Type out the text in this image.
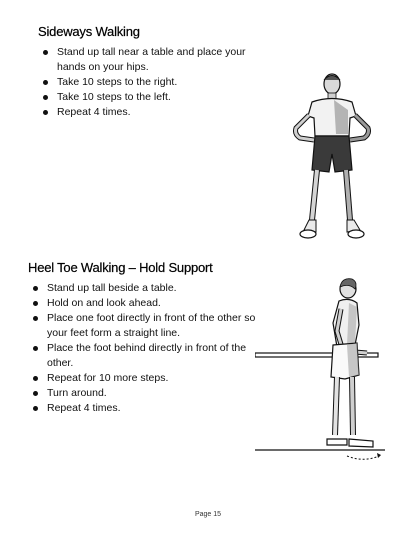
Sideways Walking
Stand up tall near a table and place your hands on your hips.
Take 10 steps to the right.
Take 10 steps to the left.
Repeat 4 times.
Heel Toe Walking – Hold Support
Stand up tall beside a table.
Hold on and look ahead.
Place one foot directly in front of the other so your feet form a straight line.
Place the foot behind directly in front of the other.
Repeat for 10 more steps.
Turn around.
Repeat 4 times.
Page 15
